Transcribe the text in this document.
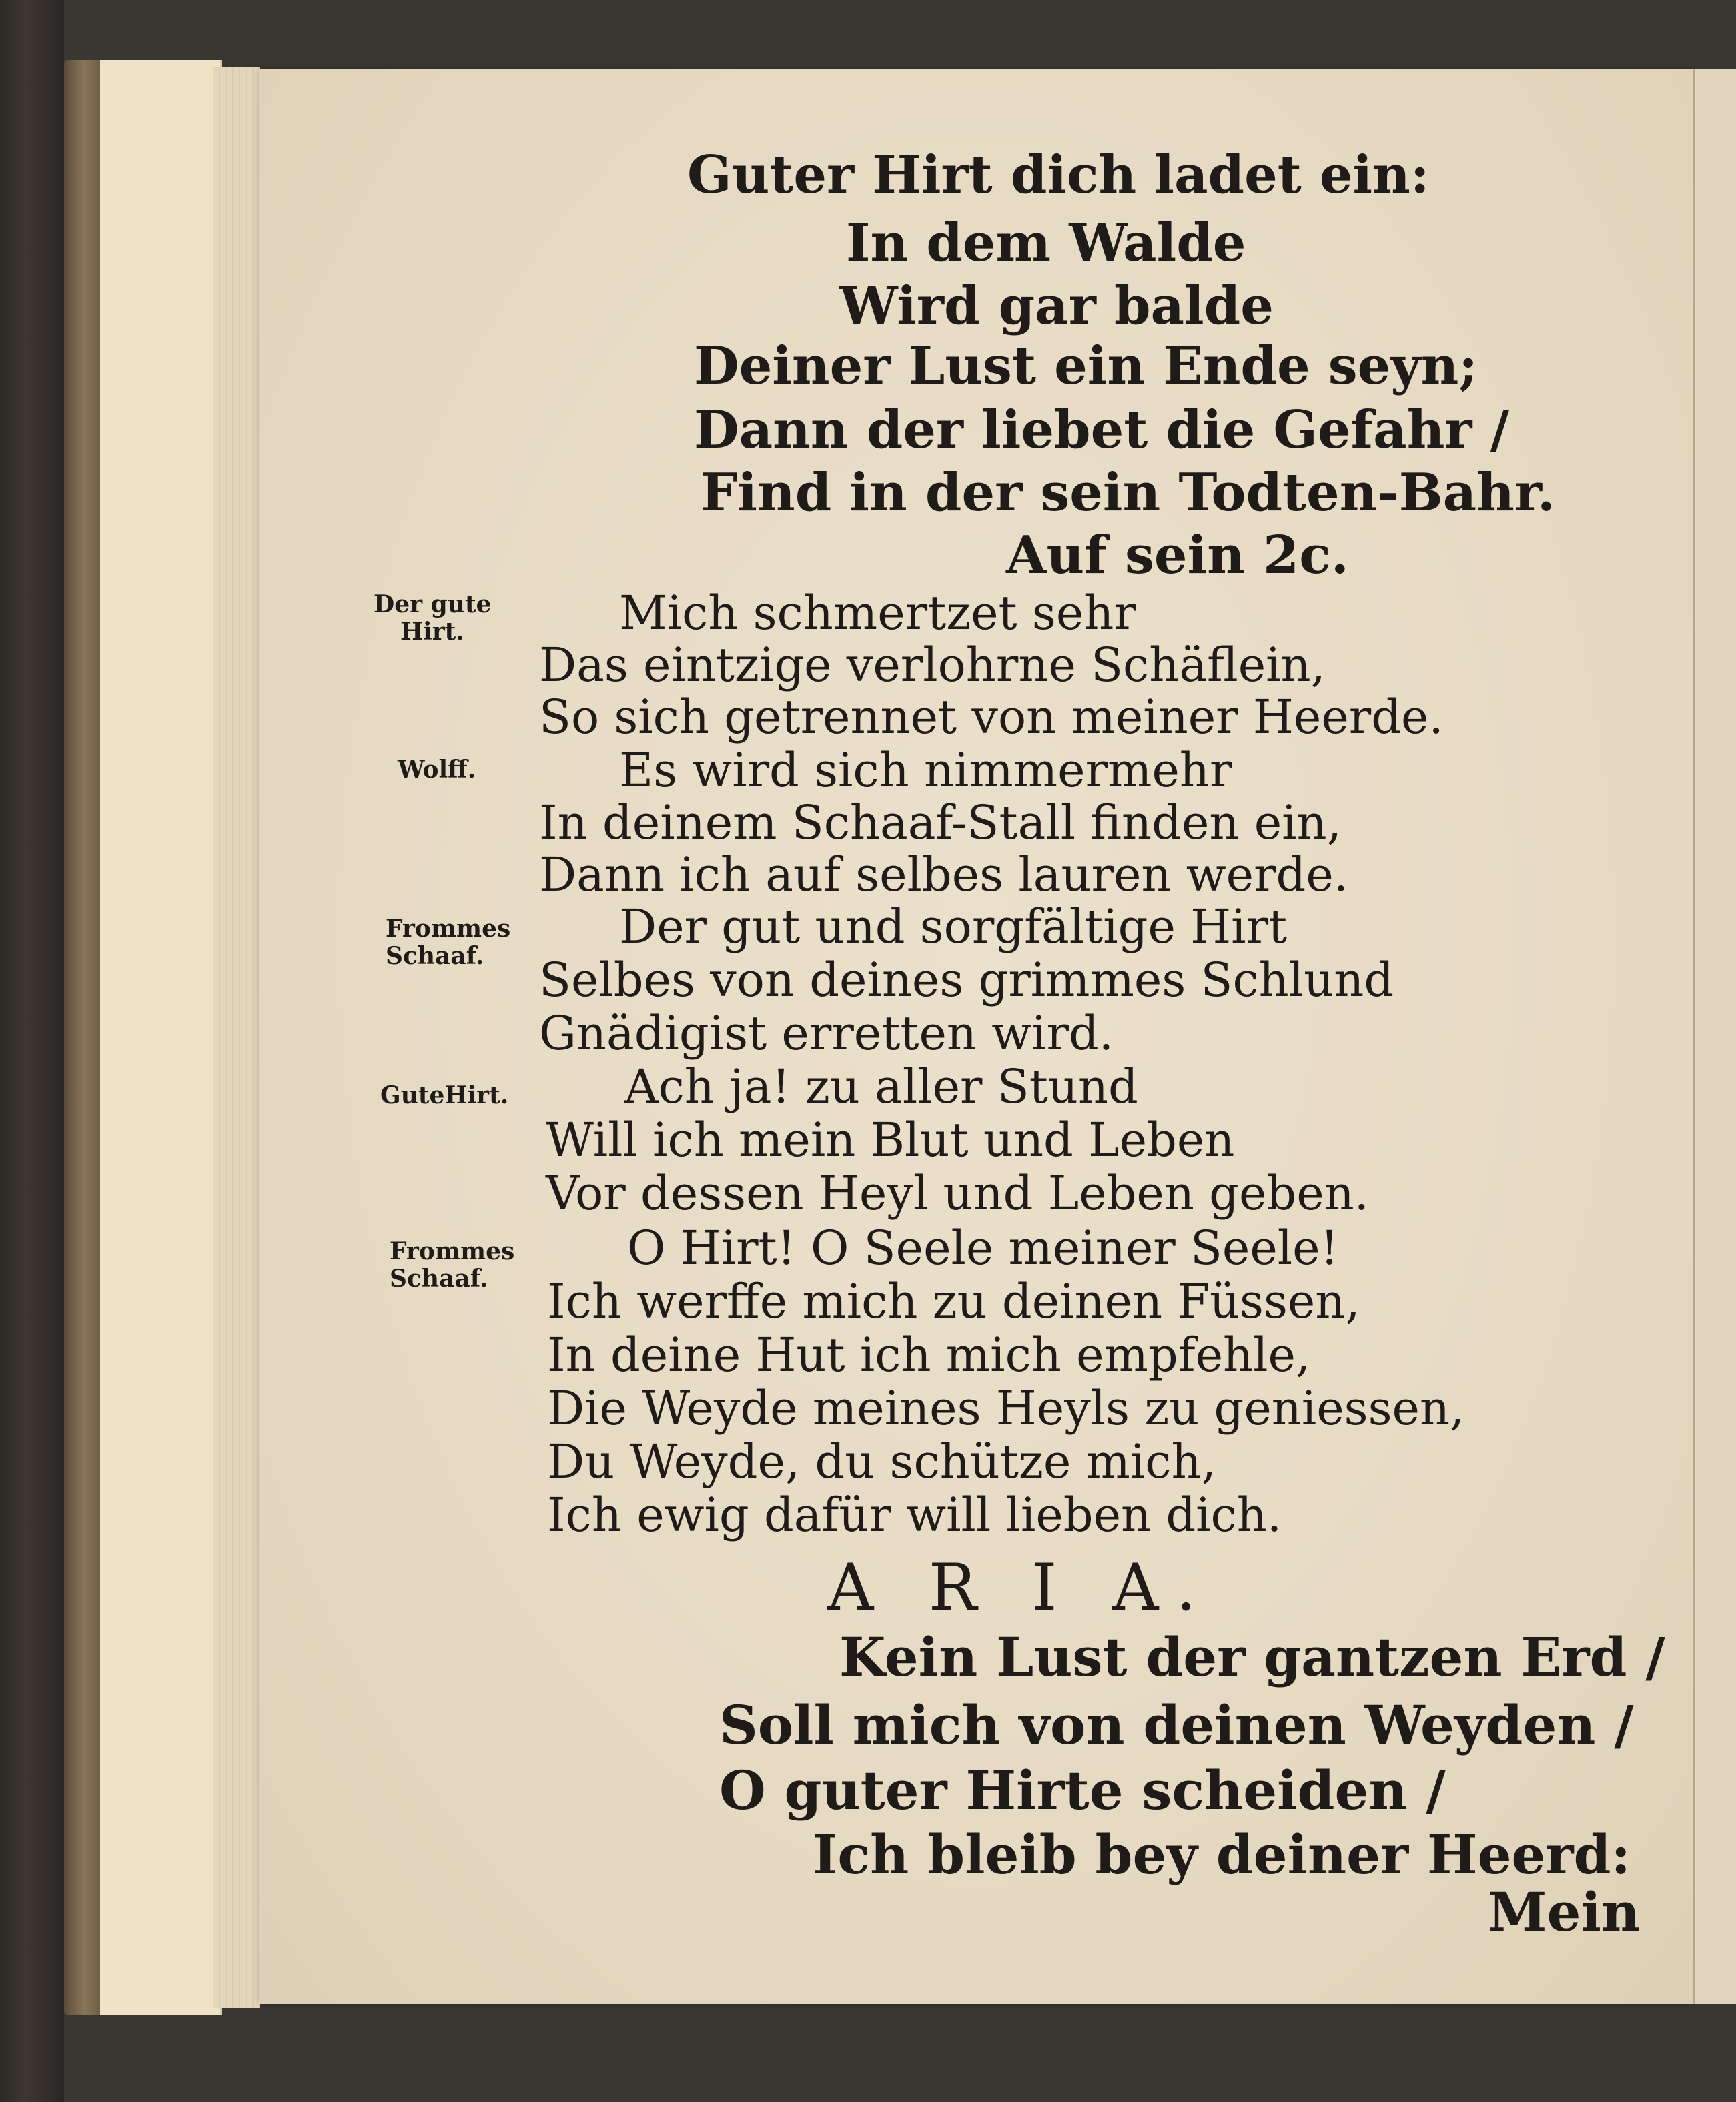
Guter Hirt dich ladet ein:
In dem Walde
Wird gar balde
Deiner Lust ein Ende seyn;
Dann der liebet die Gefahr /
Find in der sein Todten-Bahr.
Auf sein 2c.
Der gute
Hirt.	Mich schmertzet sehr
Das eintzige verlohrne Schäflein,
So sich getrennet von meiner Heerde.
Wolff.	Es wird sich nimmermehr
In deinem Schaaf-Stall finden ein,
Dann ich auf selbes lauren werde.
Frommes
Schaaf.
Der gut und sorgfältige Hirt
Selbes von deines grimmes Schlund
Gnädigist erretten wird.
GuteHirt. Ach ja! zu aller Stund
Will ich mein Blut und Leben
Vor dessen Heyl und Leben geben.
Frommes
Schaaf.
O Hirt! O Seele meiner Seele!
Ich werffe mich zu deinen Füssen,
In deine Hut ich mich empfehle,
Die Weyde meines Heyls zu geniessen,
Du Weyde, du schütze mich,
Ich ewig dafür will lieben dich.
A R I A.
Kein Lust der gantzen Erd /
Soll mich von deinen Weyden /
O guter Hirte scheiden /
Ich bleib bey deiner Heerd:
Mein
